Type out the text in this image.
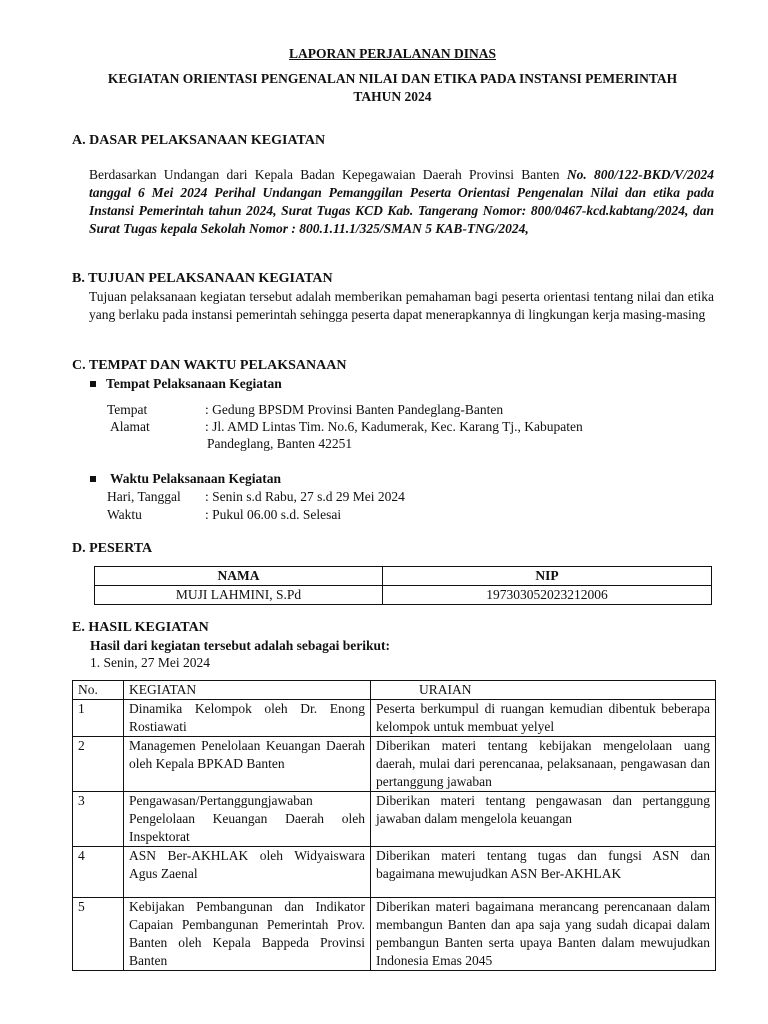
LAPORAN PERJALANAN DINAS
KEGIATAN ORIENTASI PENGENALAN NILAI DAN ETIKA PADA INSTANSI PEMERINTAH
TAHUN 2024
A. DASAR PELAKSANAAN KEGIATAN
Berdasarkan Undangan dari Kepala Badan Kepegawaian Daerah Provinsi Banten No. 800/122-BKD/V/2024 tanggal 6 Mei 2024 Perihal Undangan Pemanggilan Peserta Orientasi Pengenalan Nilai dan etika pada Instansi Pemerintah tahun 2024, Surat Tugas KCD Kab. Tangerang Nomor: 800/0467-kcd.kabtang/2024, dan Surat Tugas kepala Sekolah Nomor : 800.1.11.1/325/SMAN 5 KAB-TNG/2024,
B. TUJUAN PELAKSANAAN KEGIATAN
Tujuan pelaksanaan kegiatan tersebut adalah memberikan pemahaman bagi peserta orientasi tentang nilai dan etika yang berlaku pada instansi pemerintah sehingga peserta dapat menerapkannya di lingkungan kerja masing-masing
C. TEMPAT DAN WAKTU PELAKSANAAN
Tempat Pelaksanaan Kegiatan
Tempat	: Gedung BPSDM Provinsi Banten Pandeglang-Banten
Alamat	: Jl. AMD Lintas Tim. No.6, Kadumerak, Kec. Karang Tj., Kabupaten
Pandeglang, Banten 42251
Waktu Pelaksanaan Kegiatan
Hari, Tanggal : Senin s.d Rabu, 27 s.d 29 Mei 2024
Waktu	: Pukul 06.00 s.d. Selesai
D. PESERTA
NAMA	NIP
MUJI LAHMINI, S.Pd	197303052023212006
E. HASIL KEGIATAN
Hasil dari kegiatan tersebut adalah sebagai berikut:
1. Senin, 27 Mei 2024
No.	KEGIATAN	URAIAN
1	Dinamika Kelompok oleh Dr. Enong Rostiawati	Peserta berkumpul di ruangan kemudian dibentuk beberapa kelompok untuk membuat yelyel
2	Managemen Penelolaan Keuangan Daerah oleh Kepala BPKAD Banten	Diberikan materi tentang kebijakan mengelolaan uang daerah, mulai dari perencanaa, pelaksanaan, pengawasan dan pertanggung jawaban
3	Pengawasan/Pertanggungjawaban Pengelolaan Keuangan Daerah oleh Inspektorat	Diberikan materi tentang pengawasan dan pertanggung jawaban dalam mengelola keuangan
4	ASN Ber-AKHLAK oleh Widyaiswara Agus Zaenal	Diberikan materi tentang tugas dan fungsi ASN dan bagaimana mewujudkan ASN Ber-AKHLAK
5	Kebijakan Pembangunan dan Indikator Capaian Pembangunan Pemerintah Prov. Banten oleh Kepala Bappeda Provinsi Banten	Diberikan materi bagaimana merancang perencanaan dalam membangun Banten dan apa saja yang sudah dicapai dalam pembangun Banten serta upaya Banten dalam mewujudkan Indonesia Emas 2045
